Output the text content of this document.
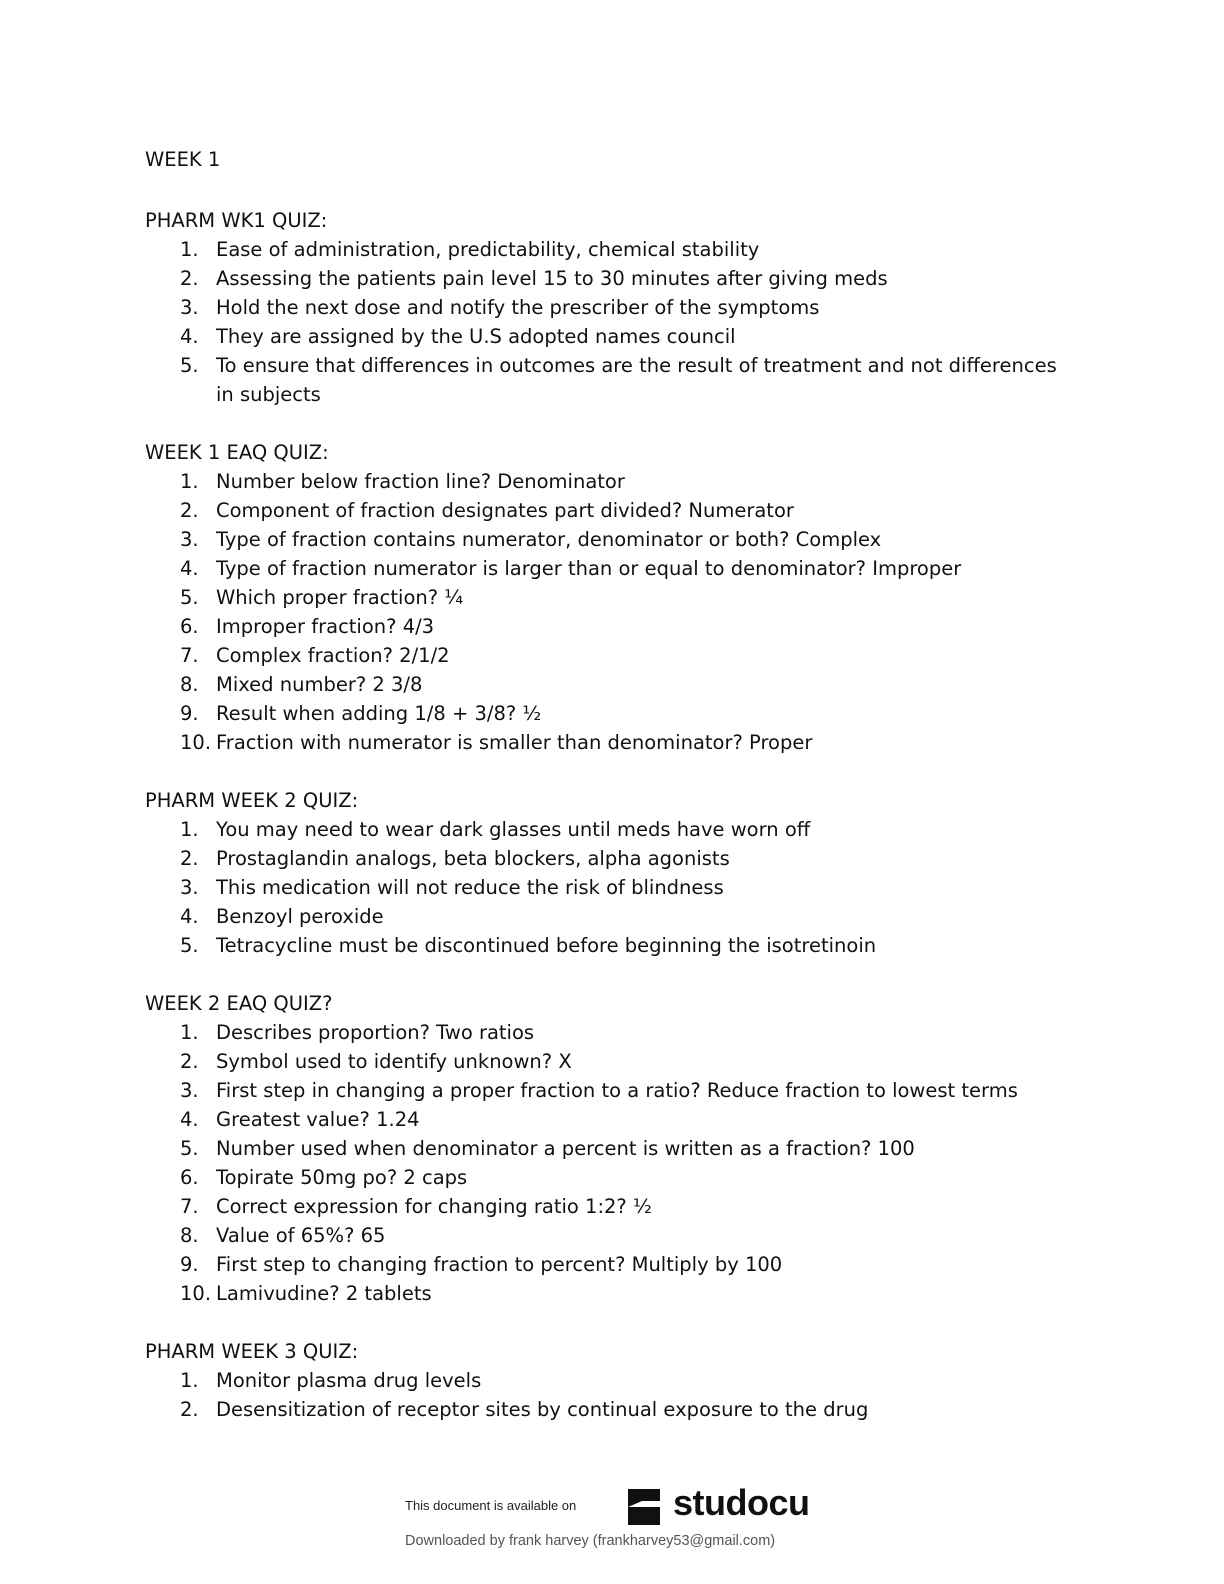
WEEK 1
PHARM WK1 QUIZ:
1. Ease of administration, predictability, chemical stability
2. Assessing the patients pain level 15 to 30 minutes after giving meds
3. Hold the next dose and notify the prescriber of the symptoms
4. They are assigned by the U.S adopted names council
5. To ensure that differences in outcomes are the result of treatment and not differences in subjects
WEEK 1 EAQ QUIZ:
1. Number below fraction line? Denominator
2. Component of fraction designates part divided? Numerator
3. Type of fraction contains numerator, denominator or both? Complex
4. Type of fraction numerator is larger than or equal to denominator? Improper
5. Which proper fraction? ¼
6. Improper fraction? 4/3
7. Complex fraction? 2/1/2
8. Mixed number? 2 3/8
9. Result when adding 1/8 + 3/8? ½
10. Fraction with numerator is smaller than denominator? Proper
PHARM WEEK 2 QUIZ:
1. You may need to wear dark glasses until meds have worn off
2. Prostaglandin analogs, beta blockers, alpha agonists
3. This medication will not reduce the risk of blindness
4. Benzoyl peroxide
5. Tetracycline must be discontinued before beginning the isotretinoin
WEEK 2 EAQ QUIZ?
1. Describes proportion? Two ratios
2. Symbol used to identify unknown? X
3. First step in changing a proper fraction to a ratio? Reduce fraction to lowest terms
4. Greatest value? 1.24
5. Number used when denominator a percent is written as a fraction? 100
6. Topirate 50mg po? 2 caps
7. Correct expression for changing ratio 1:2? ½
8. Value of 65%? 65
9. First step to changing fraction to percent? Multiply by 100
10. Lamivudine? 2 tablets
PHARM WEEK 3 QUIZ:
1. Monitor plasma drug levels
2. Desensitization of receptor sites by continual exposure to the drug
This document is available on	studocu
Downloaded by frank harvey (frankharvey53@gmail.com)
